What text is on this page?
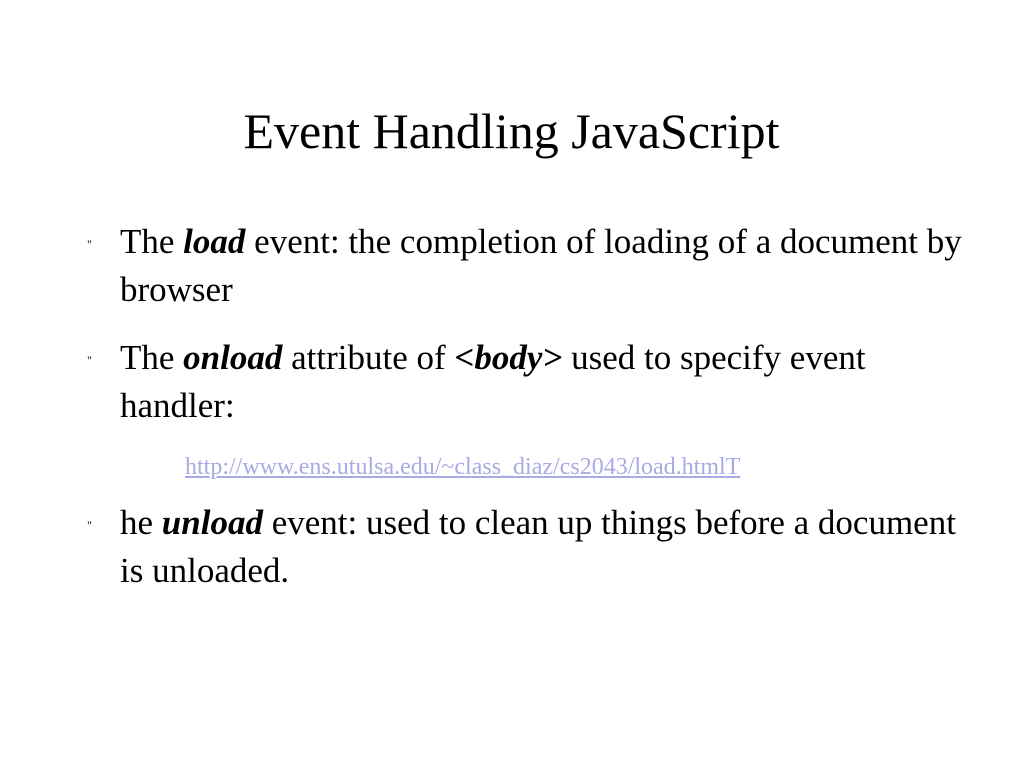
Event Handling JavaScript
" The load event: the completion of loading of a document by browser
" The onload attribute of <body> used to specify event handler:
http://www.ens.utulsa.edu/~class_diaz/cs2043/load.htmlT
" he unload event: used to clean up things before a document is unloaded.
